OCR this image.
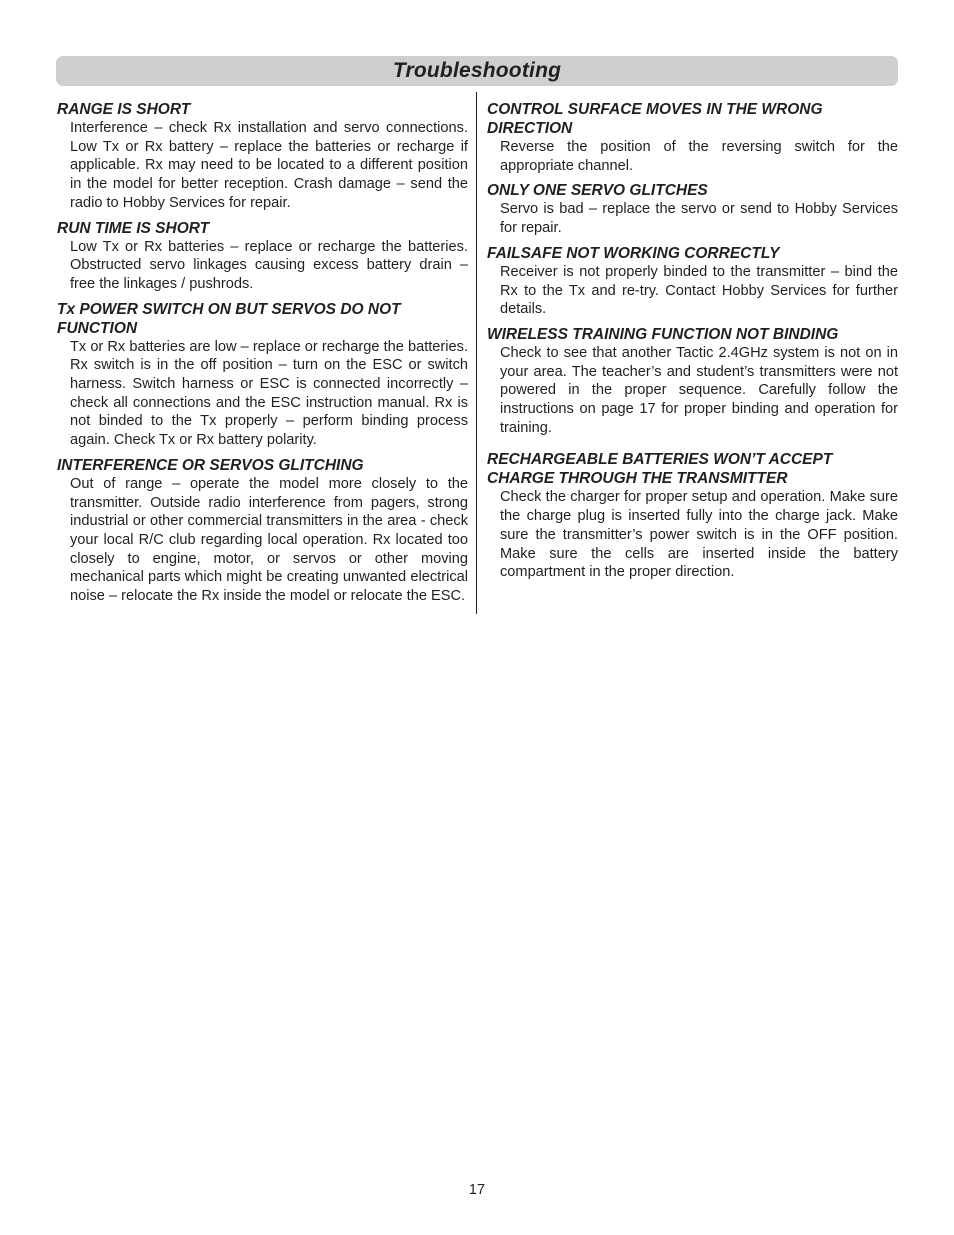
Troubleshooting

RANGE IS SHORT

Interference – check Rx installation and servo connections. Low Tx or Rx battery – replace the batteries or recharge if applicable. Rx may need to be located to a different position in the model for better reception. Crash damage – send the radio to Hobby Services for repair.

RUN TIME IS SHORT

Low Tx or Rx batteries – replace or recharge the batteries. Obstructed servo linkages causing excess battery drain – free the linkages / pushrods.

Tx POWER SWITCH ON BUT SERVOS DO NOT FUNCTION

Tx or Rx batteries are low – replace or recharge the batteries. Rx switch is in the off position – turn on the ESC or switch harness. Switch harness or ESC is connected incorrectly – check all connections and the ESC instruction manual. Rx is not binded to the Tx properly – perform binding process again. Check Tx or Rx battery polarity.

INTERFERENCE OR SERVOS GLITCHING

Out of range – operate the model more closely to the transmitter. Outside radio interference from pagers, strong industrial or other commercial transmitters in the area - check your local R/C club regarding local operation. Rx located too closely to engine, motor, or servos or other moving mechanical parts which might be creating unwanted electrical noise – relocate the Rx inside the model or relocate the ESC.

CONTROL SURFACE MOVES IN THE WRONG DIRECTION

Reverse the position of the reversing switch for the appropriate channel.

ONLY ONE SERVO GLITCHES

Servo is bad – replace the servo or send to Hobby Services for repair.

FAILSAFE NOT WORKING CORRECTLY

Receiver is not properly binded to the transmitter – bind the Rx to the Tx and re-try. Contact Hobby Services for further details.

WIRELESS TRAINING FUNCTION NOT BINDING

Check to see that another Tactic 2.4GHz system is not on in your area. The teacher’s and student’s transmitters were not powered in the proper sequence. Carefully follow the instructions on page 17 for proper binding and operation for training.

RECHARGEABLE BATTERIES WON’T ACCEPT CHARGE THROUGH THE TRANSMITTER

Check the charger for proper setup and operation. Make sure the charge plug is inserted fully into the charge jack. Make sure the transmitter’s power switch is in the OFF position. Make sure the cells are inserted inside the battery compartment in the proper direction.

17
